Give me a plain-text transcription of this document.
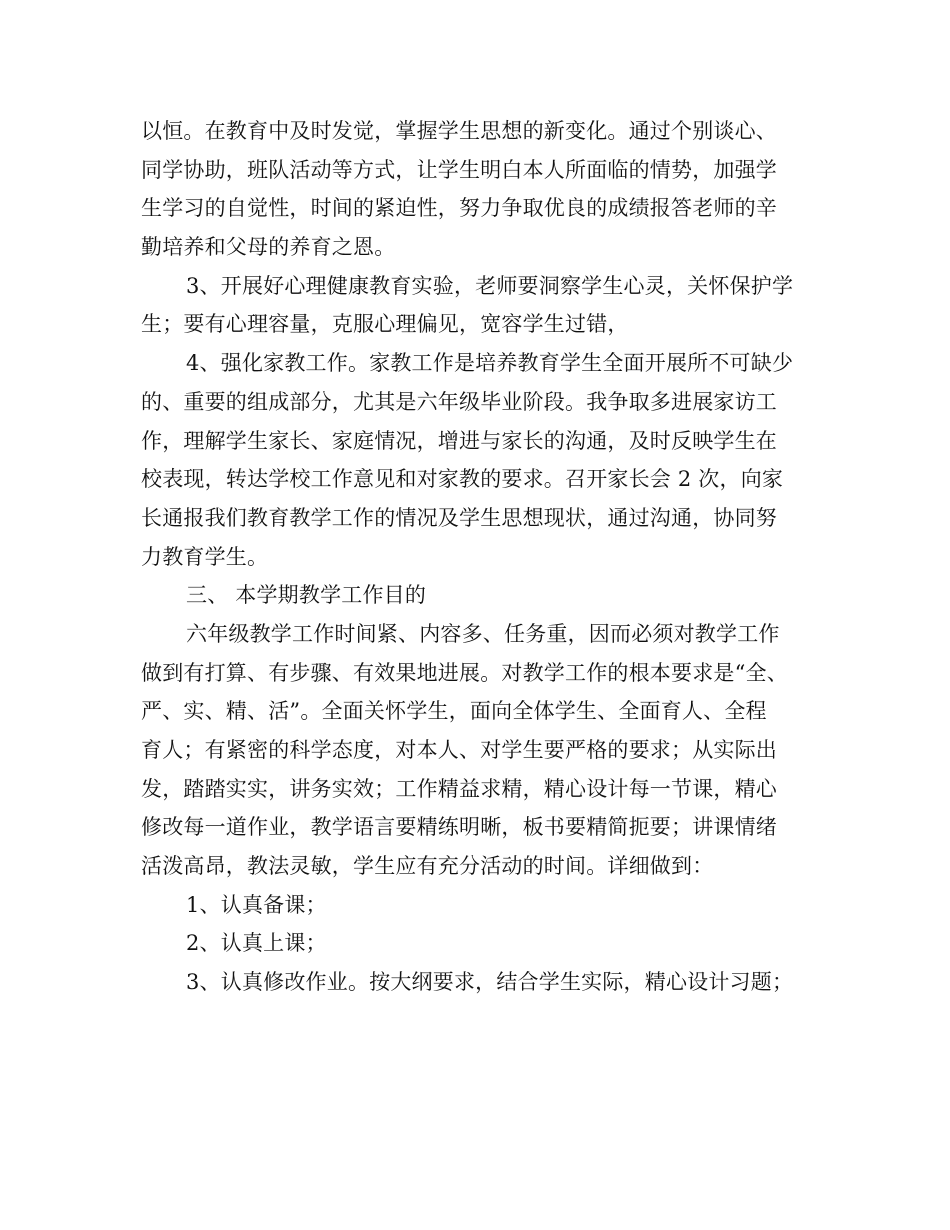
以恒。在教育中及时发觉，掌握学生思想的新变化。通过个别谈心、
同学协助，班队活动等方式，让学生明白本人所面临的情势，加强学
生学习的自觉性，时间的紧迫性，努力争取优良的成绩报答老师的辛
勤培养和父母的养育之恩。
3、开展好心理健康教育实验，老师要洞察学生心灵，关怀保护学
生；要有心理容量，克服心理偏见，宽容学生过错，
4、强化家教工作。家教工作是培养教育学生全面开展所不可缺少
的、重要的组成部分，尤其是六年级毕业阶段。我争取多进展家访工
作，理解学生家长、家庭情况，增进与家长的沟通，及时反映学生在
校表现，转达学校工作意见和对家教的要求。召开家长会 2 次，向家
长通报我们教育教学工作的情况及学生思想现状，通过沟通，协同努
力教育学生。
三、 本学期教学工作目的
六年级教学工作时间紧、内容多、任务重，因而必须对教学工作
做到有打算、有步骤、有效果地进展。对教学工作的根本要求是“全、
严、实、精、活”。全面关怀学生，面向全体学生、全面育人、全程
育人；有紧密的科学态度，对本人、对学生要严格的要求；从实际出
发，踏踏实实，讲务实效；工作精益求精，精心设计每一节课，精心
修改每一道作业，教学语言要精练明晰，板书要精简扼要；讲课情绪
活泼高昂，教法灵敏，学生应有充分活动的时间。详细做到：
1、认真备课；
2、认真上课；
3、认真修改作业。按大纲要求，结合学生实际，精心设计习题；
